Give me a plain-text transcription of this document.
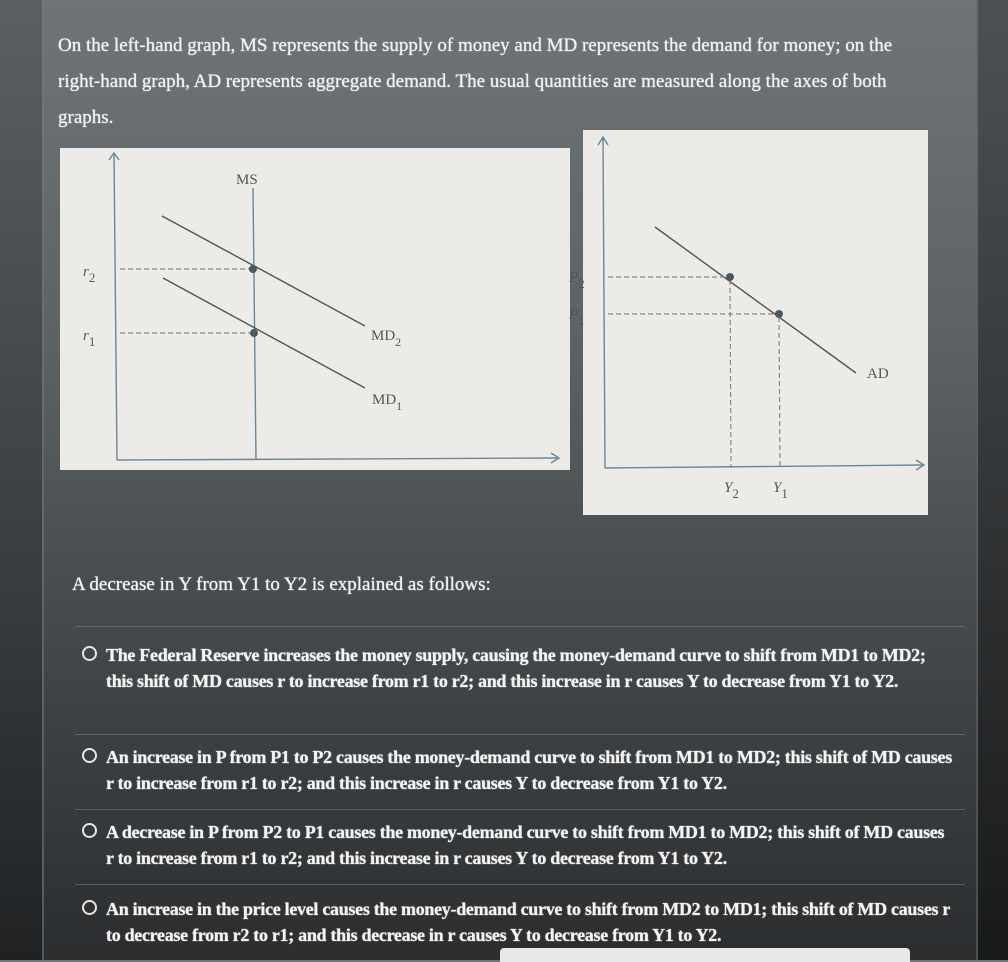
On the left-hand graph, MS represents the supply of money and MD represents the demand for money; on the right-hand graph, AD represents aggregate demand. The usual quantities are measured along the axes of both graphs.
MS
$MD_2$
$MD_1$
r2
r1
AD
P2
P1
Y2 Y1
A decrease in Y from Y1 to Y2 is explained as follows:
The Federal Reserve increases the money supply, causing the money-demand curve to shift from MD1 to MD2; this shift of MD causes r to increase from r1 to r2; and this increase in r causes Y to decrease from Y1 to Y2.
An increase in P from P1 to P2 causes the money-demand curve to shift from MD1 to MD2; this shift of MD causes r to increase from r1 to r2; and this increase in r causes Y to decrease from Y1 to Y2.
A decrease in P from P2 to P1 causes the money-demand curve to shift from MD1 to MD2; this shift of MD causes r to increase from r1 to r2; and this increase in r causes Y to decrease from Y1 to Y2.
An increase in the price level causes the money-demand curve to shift from MD2 to MD1; this shift of MD causes r to decrease from r2 to r1; and this decrease in r causes Y to decrease from Y1 to Y2.
